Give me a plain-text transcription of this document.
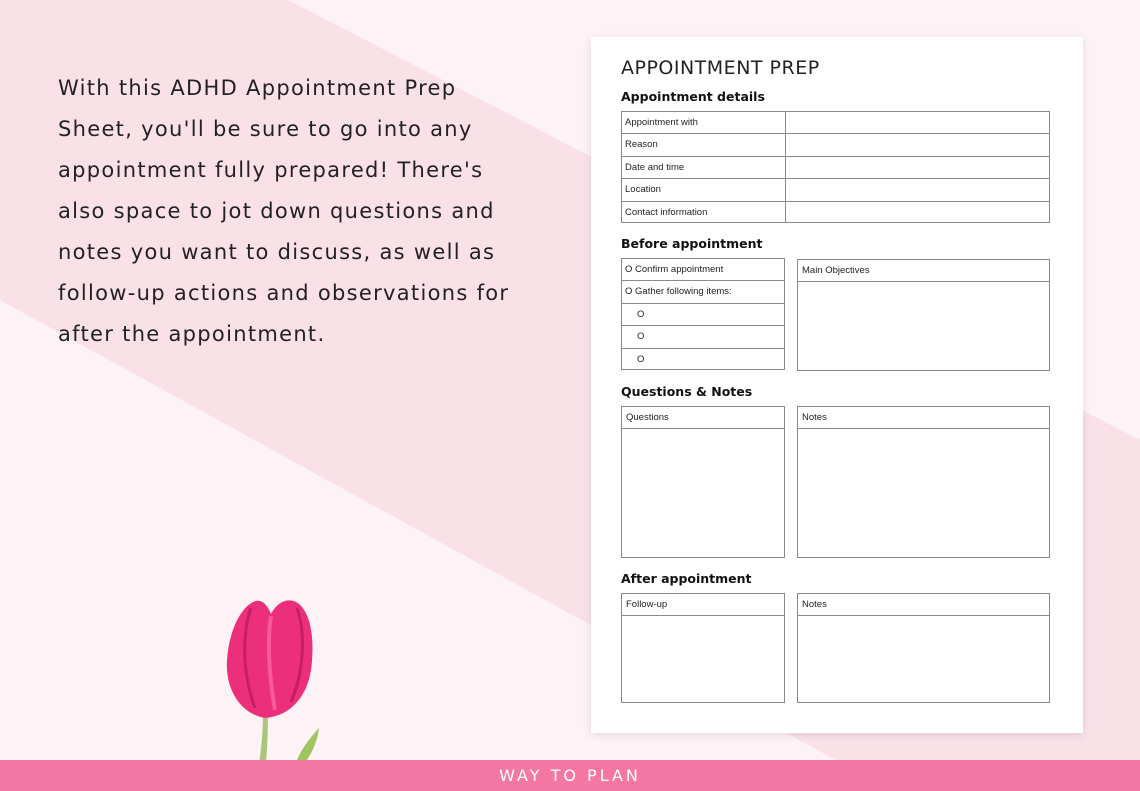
With this ADHD Appointment Prep Sheet, you'll be sure to go into any appointment fully prepared! There's also space to jot down questions and notes you want to discuss, as well as follow-up actions and observations for after the appointment.

WAY TO PLAN
APPOINTMENT PREP
Appointment details
Appointment with
Reason
Date and time
Location
Contact information
Before appointment
O Confirm appointment
O Gather following items:
O
O
O
Main Objectives
Questions & Notes
Questions	Notes
After appointment
Follow-up	Notes
